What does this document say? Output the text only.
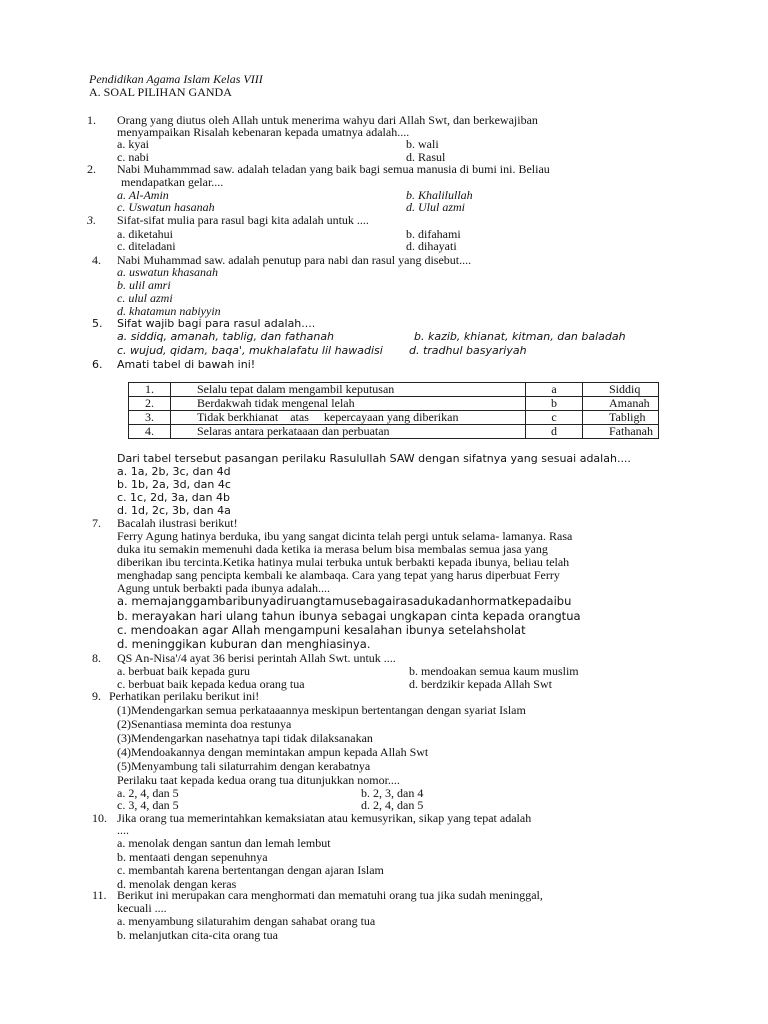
Pendidikan Agama Islam Kelas VIII
A. SOAL PILIHAN GANDA
1. Orang yang diutus oleh Allah untuk menerima wahyu dari Allah Swt, dan berkewajiban
menyampaikan Risalah kebenaran kepada umatnya adalah....
a. kyai	b. wali
c. nabi	d. Rasul
2. Nabi Muhammmad saw. adalah teladan yang baik bagi semua manusia di bumi ini. Beliau
mendapatkan gelar....
a. Al-Amin	b. Khalilullah
c. Uswatun hasanah	d. Ulul azmi
3. Sifat-sifat mulia para rasul bagi kita adalah untuk ....
a. diketahui	b. difahami
c. diteladani	d. dihayati
4. Nabi Muhammad saw. adalah penutup para nabi dan rasul yang disebut....
a. uswatun khasanah
b. ulil amri
c. ulul azmi
d. khatamun nabiyyin
5. Sifat wajib bagi para rasul adalah....
a. siddiq, amanah, tablig, dan fathanah	b. kazib, khianat, kitman, dan baladah
c. wujud, qidam, baqa', mukhalafatu lil hawadisi d. tradhul basyariyah
6. Amati tabel di bawah ini!
1.	Selalu tepat dalam mengambil keputusan	a	Siddiq
2.	Berdakwah tidak mengenal lelah	b	Amanah
3.	Tidak berkhianat    atas     kepercayaan yang diberikan	c	Tabligh
4.	Selaras antara perkataaan dan perbuatan	d	Fathanah
Dari tabel tersebut pasangan perilaku Rasulullah SAW dengan sifatnya yang sesuai adalah....
a. 1a, 2b, 3c, dan 4d
b. 1b, 2a, 3d, dan 4c
c. 1c, 2d, 3a, dan 4b
d. 1d, 2c, 3b, dan 4a
7. Bacalah ilustrasi berikut!
Ferry Agung hatinya berduka, ibu yang sangat dicinta telah pergi untuk selama- lamanya. Rasa
duka itu semakin memenuhi dada ketika ia merasa belum bisa membalas semua jasa yang
diberikan ibu tercinta.Ketika hatinya mulai terbuka untuk berbakti kepada ibunya, beliau telah
menghadap sang pencipta kembali ke alambaqa. Cara yang tepat yang harus diperbuat Ferry
Agung untuk berbakti pada ibunya adalah....
a. memajanggambaribunyadiruangtamusebagairasadukadanhormatkepadaibu
b. merayakan hari ulang tahun ibunya sebagai ungkapan cinta kepada orangtua
c. mendoakan agar Allah mengampuni kesalahan ibunya setelahsholat
d. meninggikan kuburan dan menghiasinya.
8. QS An-Nisa'/4 ayat 36 berisi perintah Allah Swt. untuk ....
a. berbuat baik kepada guru	b. mendoakan semua kaum muslim
c. berbuat baik kepada kedua orang tua	d. berdzikir kepada Allah Swt
9. Perhatikan perilaku berikut ini!
(1)Mendengarkan semua perkataaannya meskipun bertentangan dengan syariat Islam
(2)Senantiasa meminta doa restunya
(3)Mendengarkan nasehatnya tapi tidak dilaksanakan
(4)Mendoakannya dengan memintakan ampun kepada Allah Swt
(5)Menyambung tali silaturrahim dengan kerabatnya
Perilaku taat kepada kedua orang tua ditunjukkan nomor....
a. 2, 4, dan 5	b. 2, 3, dan 4
c. 3, 4, dan 5	d. 2, 4, dan 5
10. Jika orang tua memerintahkan kemaksiatan atau kemusyrikan, sikap yang tepat adalah
....
a. menolak dengan santun dan lemah lembut
b. mentaati dengan sepenuhnya
c. membantah karena bertentangan dengan ajaran Islam
d. menolak dengan keras
11. Berikut ini merupakan cara menghormati dan mematuhi orang tua jika sudah meninggal,
kecuali ....
a. menyambung silaturahim dengan sahabat orang tua
b. melanjutkan cita-cita orang tua
